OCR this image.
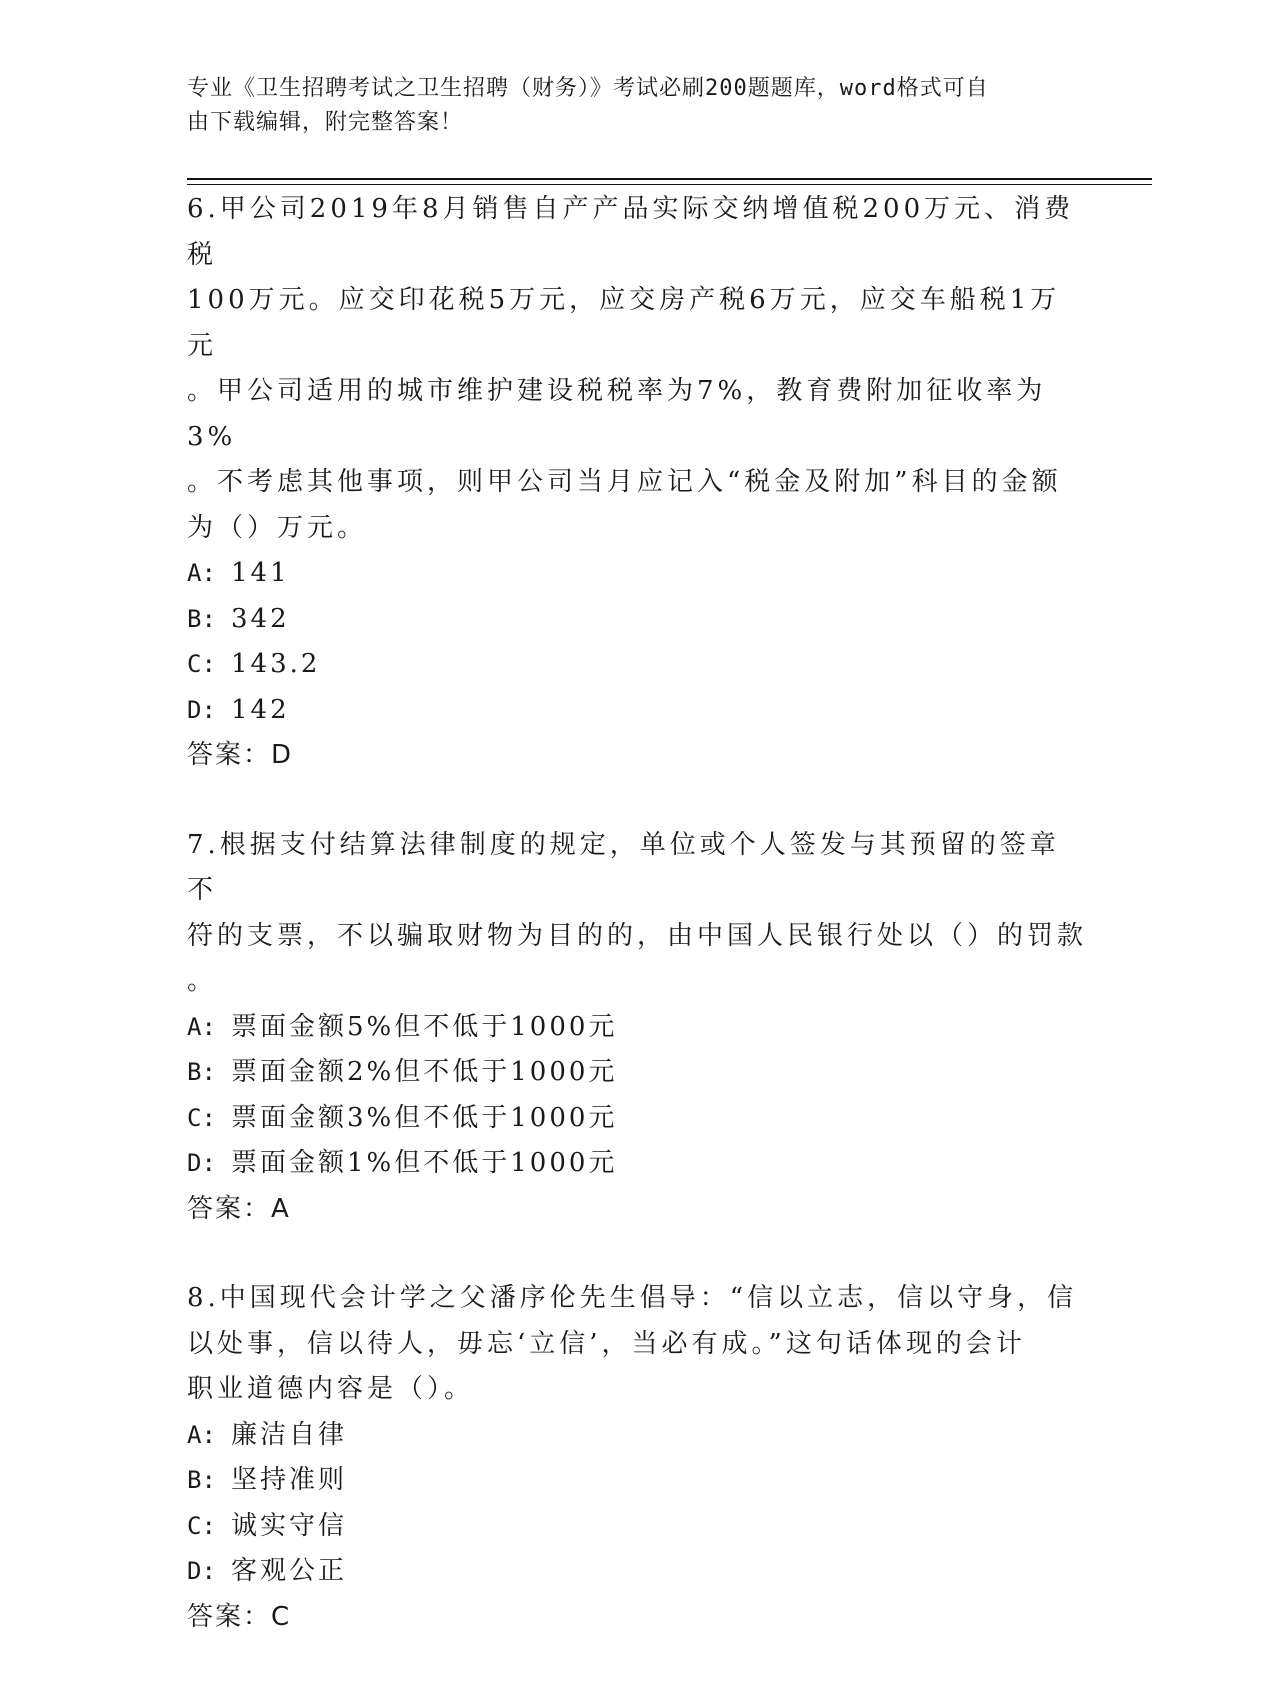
专业《卫生招聘考试之卫生招聘（财务）》考试必刷200题题库，word格式可自
由下载编辑，附完整答案！
6.甲公司2019年8月销售自产产品实际交纳增值税200万元、消费税
100万元。应交印花税5万元，应交房产税6万元，应交车船税1万元
。甲公司适用的城市维护建设税税率为7%，教育费附加征收率为3%
。不考虑其他事项，则甲公司当月应记入“税金及附加”科目的金额
为（）万元。
A: 141
B: 342
C: 143.2
D: 142
答案：D
7.根据支付结算法律制度的规定，单位或个人签发与其预留的签章不
符的支票，不以骗取财物为目的的，由中国人民银行处以（）的罚款
。
A: 票面金额5%但不低于1000元
B: 票面金额2%但不低于1000元
C: 票面金额3%但不低于1000元
D: 票面金额1%但不低于1000元
答案：A
8.中国现代会计学之父潘序伦先生倡导：“信以立志，信以守身，信
以处事，信以待人，毋忘‘立信’，当必有成。”这句话体现的会计
职业道德内容是（）。
A: 廉洁自律
B: 坚持准则
C: 诚实守信
D: 客观公正
答案：C
